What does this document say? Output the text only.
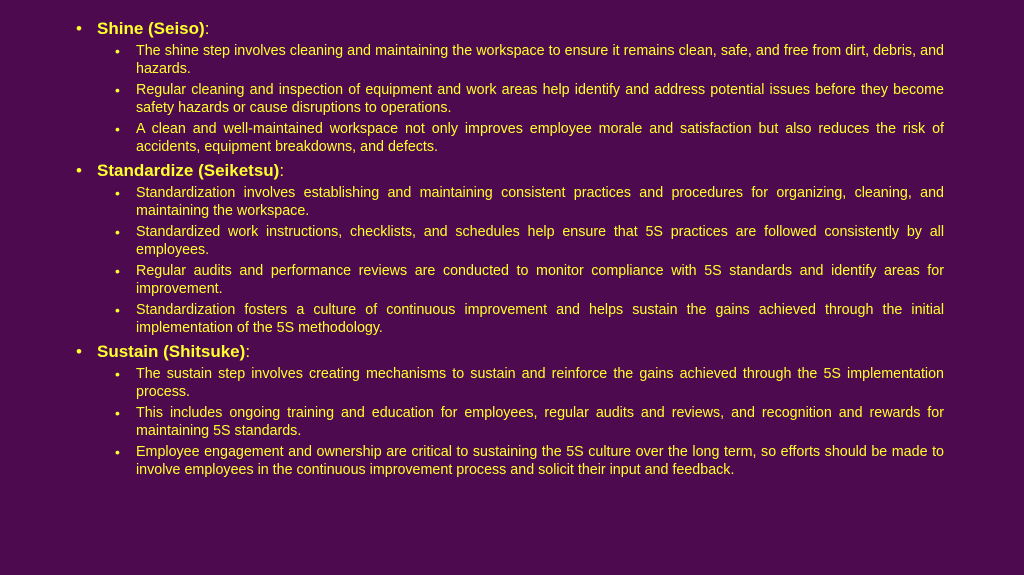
• Shine (Seiso):
• The shine step involves cleaning and maintaining the workspace to ensure it remains clean, safe, and free from dirt, debris, and hazards.
• Regular cleaning and inspection of equipment and work areas help identify and address potential issues before they become safety hazards or cause disruptions to operations.
• A clean and well-maintained workspace not only improves employee morale and satisfaction but also reduces the risk of accidents, equipment breakdowns, and defects.
• Standardize (Seiketsu):
• Standardization involves establishing and maintaining consistent practices and procedures for organizing, cleaning, and maintaining the workspace.
• Standardized work instructions, checklists, and schedules help ensure that 5S practices are followed consistently by all employees.
• Regular audits and performance reviews are conducted to monitor compliance with 5S standards and identify areas for improvement.
• Standardization fosters a culture of continuous improvement and helps sustain the gains achieved through the initial implementation of the 5S methodology.
• Sustain (Shitsuke):
• The sustain step involves creating mechanisms to sustain and reinforce the gains achieved through the 5S implementation process.
• This includes ongoing training and education for employees, regular audits and reviews, and recognition and rewards for maintaining 5S standards.
• Employee engagement and ownership are critical to sustaining the 5S culture over the long term, so efforts should be made to involve employees in the continuous improvement process and solicit their input and feedback.
